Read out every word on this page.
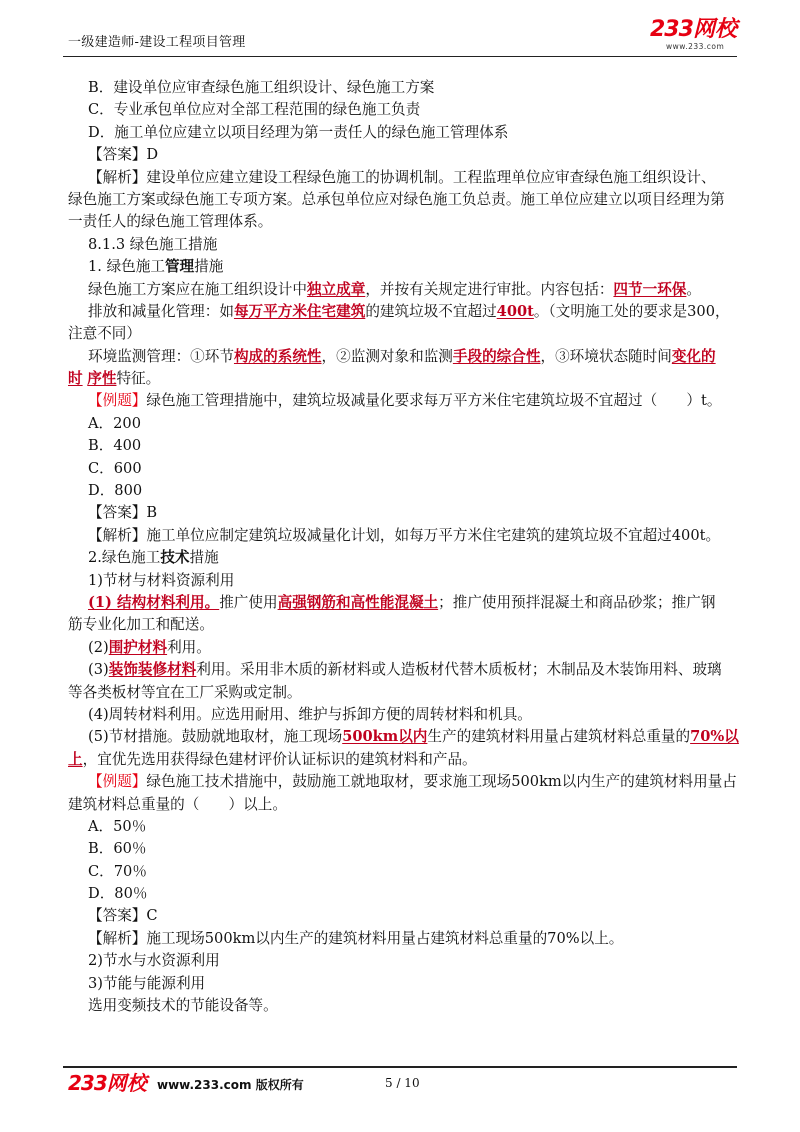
一级建造师-建设工程项目管理
233网校
www.233.com
B．建设单位应审查绿色施工组织设计、绿色施工方案
C．专业承包单位应对全部工程范围的绿色施工负责
D．施工单位应建立以项目经理为第一责任人的绿色施工管理体系
【答案】D
【解析】建设单位应建立建设工程绿色施工的协调机制。工程监理单位应审查绿色施工组织设计、
绿色施工方案或绿色施工专项方案。总承包单位应对绿色施工负总责。施工单位应建立以项目经理为第
一责任人的绿色施工管理体系。
8.1.3 绿色施工措施
1. 绿色施工管理措施
绿色施工方案应在施工组织设计中独立成章，并按有关规定进行审批。内容包括：四节一环保。
排放和减量化管理：如每万平方米住宅建筑的建筑垃圾不宜超过400t。（文明施工处的要求是300，
注意不同）
环境监测管理：①环节构成的系统性，②监测对象和监测手段的综合性，③环境状态随时间变化的
时 序性特征。
【例题】绿色施工管理措施中，建筑垃圾减量化要求每万平方米住宅建筑垃圾不宜超过（　　）t。
A．200
B．400
C．600
D．800
【答案】B
【解析】施工单位应制定建筑垃圾减量化计划，如每万平方米住宅建筑的建筑垃圾不宜超过400t。
2.绿色施工技术措施
1)节材与材料资源利用
(1) 结构材料利用。推广使用高强钢筋和高性能混凝土；推广使用预拌混凝土和商品砂浆；推广钢
筋专业化加工和配送。
(2)围护材料利用。
(3)装饰装修材料利用。采用非木质的新材料或人造板材代替木质板材；木制品及木装饰用料、玻璃
等各类板材等宜在工厂采购或定制。
(4)周转材料利用。应选用耐用、维护与拆卸方便的周转材料和机具。
(5)节材措施。鼓励就地取材，施工现场500km以内生产的建筑材料用量占建筑材料总重量的70%以
上，宜优先选用获得绿色建材评价认证标识的建筑材料和产品。
【例题】绿色施工技术措施中，鼓励施工就地取材，要求施工现场500km以内生产的建筑材料用量占
建筑材料总重量的（　　）以上。
A．50％
B．60％
C．70％
D．80％
【答案】C
【解析】施工现场500km以内生产的建筑材料用量占建筑材料总重量的70%以上。
2)节水与水资源利用
3)节能与能源利用
选用变频技术的节能设备等。
233网校 www.233.com 版权所有	5 / 10
